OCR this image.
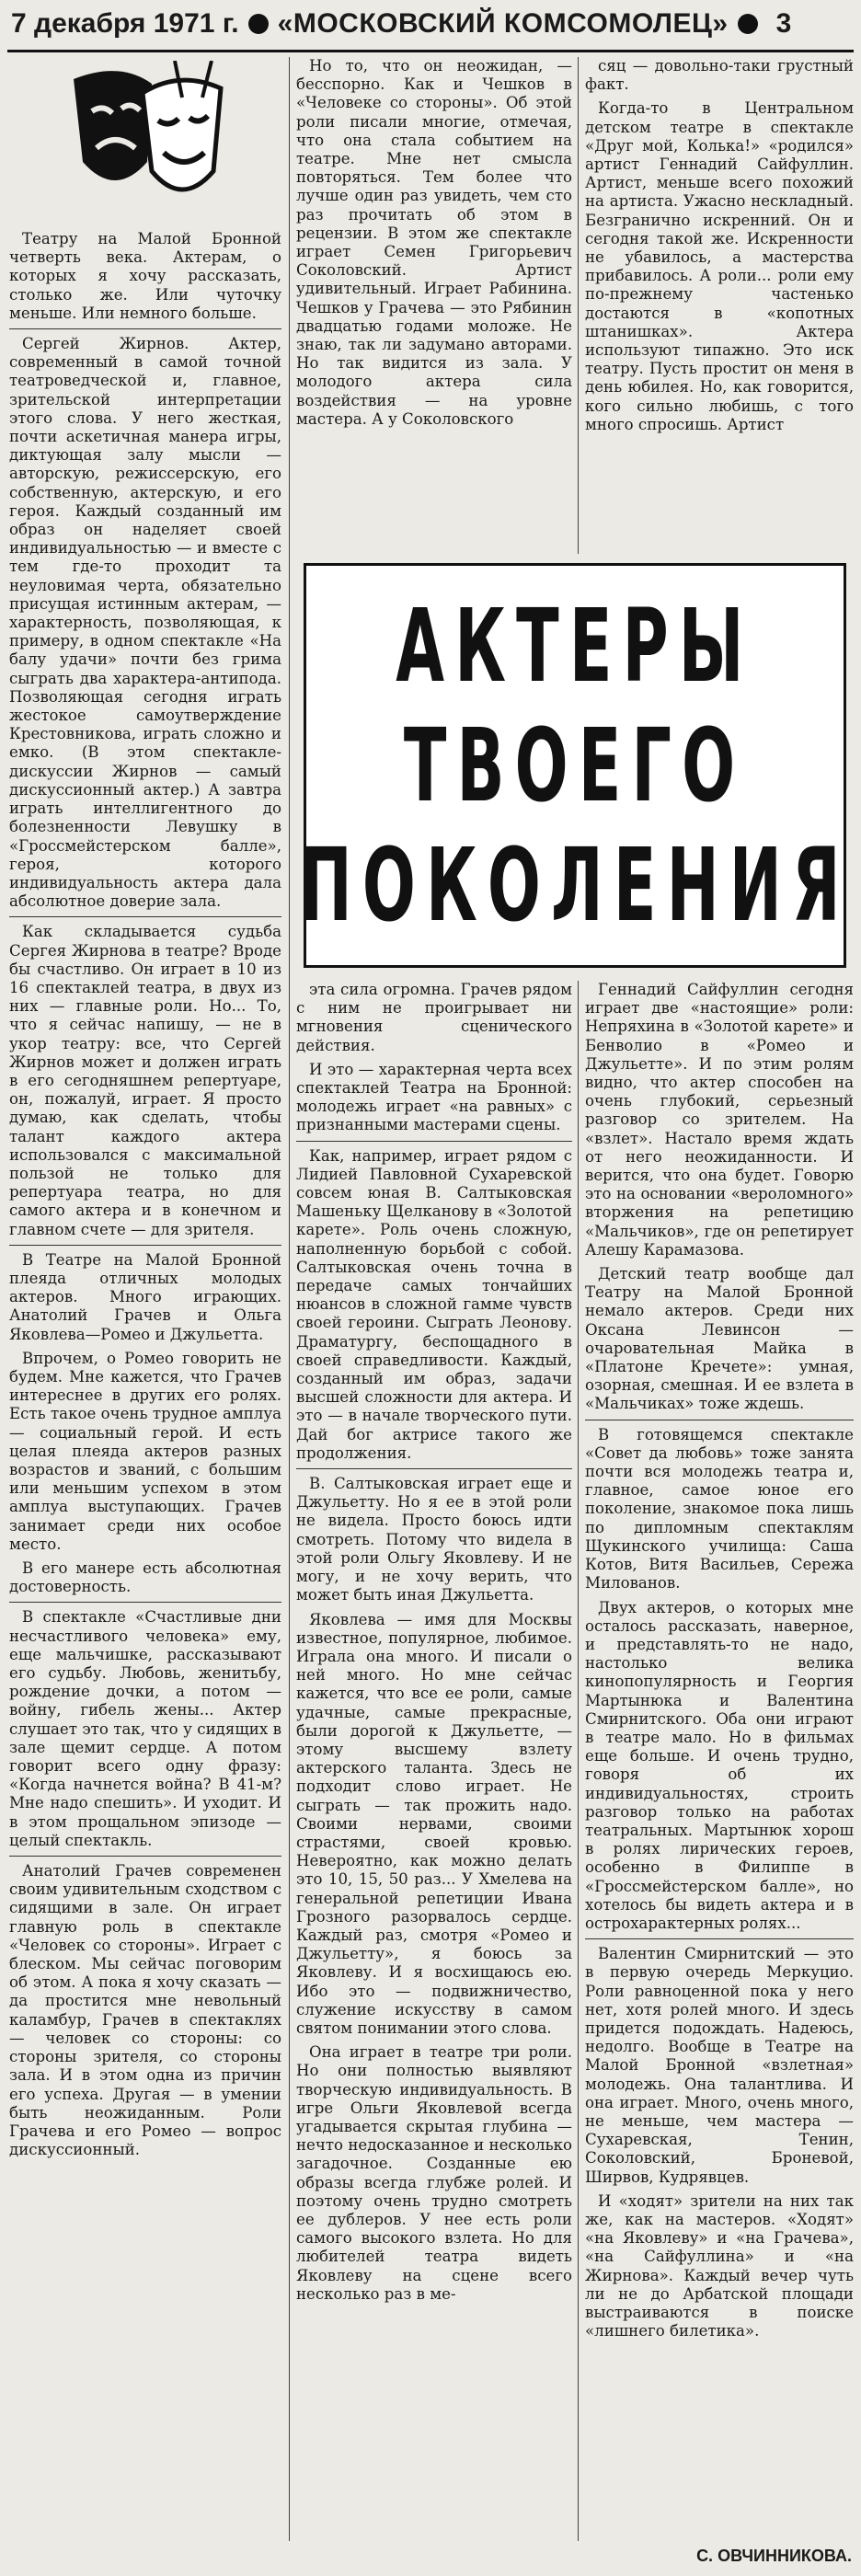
7 декабря 1971 г. «МОСКОВСКИЙ КОМСОМОЛЕЦ» 3

Театру на Малой Бронной четверть века. Актерам, о которых я хочу рассказать, столько же. Или чуточку меньше. Или немного больше.

Сергей Жирнов. Актер, современный в самой точной театроведческой и, главное, зрительской интерпретации этого слова. У него жесткая, почти аскетичная манера игры, диктующая залу мысли — авторскую, режиссерскую, его собственную, актерскую, и его героя. Каждый созданный им образ он наделяет своей индивидуальностью — и вместе с тем где-то проходит та неуловимая черта, обязательно присущая истинным актерам, — характерность, позволяющая, к примеру, в одном спектакле «На балу удачи» почти без грима сыграть два характера-антипода. Позволяющая сегодня играть жестокое самоутверждение Крестовникова, играть сложно и емко. (В этом спектакле-дискуссии Жирнов — самый дискуссионный актер.) А завтра играть интеллигентного до болезненности Левушку в «Гроссмейстерском балле», героя, которого индивидуальность актера дала абсолютное доверие зала.

Как складывается судьба Сергея Жирнова в театре? Вроде бы счастливо. Он играет в 10 из 16 спектаклей театра, в двух из них — главные роли. Но... То, что я сейчас напишу, — не в укор театру: все, что Сергей Жирнов может и должен играть в его сегодняшнем репертуаре, он, пожалуй, играет. Я просто думаю, как сделать, чтобы талант каждого актера использовался с максимальной пользой не только для репертуара театра, но для самого актера и в конечном и главном счете — для зрителя.

В Театре на Малой Бронной плеяда отличных молодых актеров. Много играющих. Анатолий Грачев и Ольга Яковлева—Ромео и Джульетта.

Впрочем, о Ромео говорить не будем. Мне кажется, что Грачев интереснее в других его ролях. Есть такое очень трудное амплуа — социальный герой. И есть целая плеяда актеров разных возрастов и званий, с большим или меньшим успехом в этом амплуа выступающих. Грачев занимает среди них особое место.

В его манере есть абсолютная достоверность.

В спектакле «Счастливые дни несчастливого человека» ему, еще мальчишке, рассказывают его судьбу. Любовь, женитьбу, рождение дочки, а потом — войну, гибель жены... Актер слушает это так, что у сидящих в зале щемит сердце. А потом говорит всего одну фразу: «Когда начнется война? В 41-м? Мне надо спешить». И уходит. И в этом прощальном эпизоде — целый спектакль.

Анатолий Грачев современен своим удивительным сходством с сидящими в зале. Он играет главную роль в спектакле «Человек со стороны». Играет с блеском. Мы сейчас поговорим об этом. А пока я хочу сказать — да простится мне невольный каламбур, Грачев в спектаклях — человек со стороны: со стороны зрителя, со стороны зала. И в этом одна из причин его успеха. Другая — в умении быть неожиданным. Роли Грачева и его Ромео — вопрос дискуссионный.

Но то, что он неожидан, — бесспорно. Как и Чешков в «Человеке со стороны». Об этой роли писали многие, отмечая, что она стала событием на театре. Мне нет смысла повторяться. Тем более что лучше один раз увидеть, чем сто раз прочитать об этом в рецензии. В этом же спектакле играет Семен Григорьевич Соколовский. Артист удивительный. Играет Рабинина. Чешков у Грачева — это Рябинин двадцатью годами моложе. Не знаю, так ли задумано авторами. Но так видится из зала. У молодого актера сила воздействия — на уровне мастера. А у Соколовского

сяц — довольно-таки грустный факт.

Когда-то в Центральном детском театре в спектакле «Друг мой, Колька!» «родился» артист Геннадий Сайфуллин. Артист, меньше всего похожий на артиста. Ужасно нескладный. Безгранично искренний. Он и сегодня такой же. Искренности не убавилось, а мастерства прибавилось. А роли... роли ему по-прежнему частенько достаются в «копотных штанишках». Актера используют типажно. Это иск театру. Пусть простит он меня в день юбилея. Но, как говорится, кого сильно любишь, с того много спросишь. Артист

АКТЕРЫ
ТВОЕГО
ПОКОЛЕНИЯ

эта сила огромна. Грачев рядом с ним не проигрывает ни мгновения сценического действия.

И это — характерная черта всех спектаклей Театра на Бронной: молодежь играет «на равных» с признанными мастерами сцены.

Как, например, играет рядом с Лидией Павловной Сухаревской совсем юная В. Салтыковская Машеньку Щелканову в «Золотой карете». Роль очень сложную, наполненную борьбой с собой. Салтыковская очень точна в передаче самых тончайших нюансов в сложной гамме чувств своей героини. Сыграть Леонову. Драматургу, беспощадного в своей справедливости. Каждый, созданный им образ, задачи высшей сложности для актера. И это — в начале творческого пути. Дай бог актрисе такого же продолжения.

В. Салтыковская играет еще и Джульетту. Но я ее в этой роли не видела. Просто боюсь идти смотреть. Потому что видела в этой роли Ольгу Яковлеву. И не могу, и не хочу верить, что может быть иная Джульетта.

Яковлева — имя для Москвы известное, популярное, любимое. Играла она много. И писали о ней много. Но мне сейчас кажется, что все ее роли, самые удачные, самые прекрасные, были дорогой к Джульетте, — этому высшему взлету актерского таланта. Здесь не подходит слово играет. Не сыграть — так прожить надо. Своими нервами, своими страстями, своей кровью. Невероятно, как можно делать это 10, 15, 50 раз... У Хмелева на генеральной репетиции Ивана Грозного разорвалось сердце. Каждый раз, смотря «Ромео и Джульетту», я боюсь за Яковлеву. И я восхищаюсь ею. Ибо это — подвижничество, служение искусству в самом святом понимании этого слова.

Она играет в театре три роли. Но они полностью выявляют творческую индивидуальность. В игре Ольги Яковлевой всегда угадывается скрытая глубина — нечто недосказанное и несколько загадочное. Созданные ею образы всегда глубже ролей. И поэтому очень трудно смотреть ее дублеров. У нее есть роли самого высокого взлета. Но для любителей театра видеть Яковлеву на сцене всего несколько раз в ме-

Геннадий Сайфуллин сегодня играет две «настоящие» роли: Непряхина в «Золотой карете» и Бенволио в «Ромео и Джульетте». И по этим ролям видно, что актер способен на очень глубокий, серьезный разговор со зрителем. На «взлет». Настало время ждать от него неожиданности. И верится, что она будет. Говорю это на основании «вероломного» вторжения на репетицию «Мальчиков», где он репетирует Алешу Карамазова.

Детский театр вообще дал Театру на Малой Бронной немало актеров. Среди них Оксана Левинсон — очаровательная Майка в «Платоне Кречете»: умная, озорная, смешная. И ее взлета в «Мальчиках» тоже ждешь.

В готовящемся спектакле «Совет да любовь» тоже занята почти вся молодежь театра и, главное, самое юное его поколение, знакомое пока лишь по дипломным спектаклям Щукинского училища: Саша Котов, Витя Васильев, Сережа Милованов.

Двух актеров, о которых мне осталось рассказать, наверное, и представлять-то не надо, настолько велика кинопопулярность и Георгия Мартынюка и Валентина Смирнитского. Оба они играют в театре мало. Но в фильмах еще больше. И очень трудно, говоря об их индивидуальностях, строить разговор только на работах театральных. Мартынюк хорош в ролях лирических героев, особенно в Филиппе в «Гроссмейстерском балле», но хотелось бы видеть актера и в острохарактерных ролях...

Валентин Смирнитский — это в первую очередь Меркуцио. Роли равноценной пока у него нет, хотя ролей много. И здесь придется подождать. Надеюсь, недолго. Вообще в Театре на Малой Бронной «взлетная» молодежь. Она талантлива. И она играет. Много, очень много, не меньше, чем мастера — Сухаревская, Тенин, Соколовский, Броневой, Ширвов, Кудрявцев.

И «ходят» зрители на них так же, как на мастеров. «Ходят» «на Яковлеву» и «на Грачева», «на Сайфуллина» и «на Жирнова». Каждый вечер чуть ли не до Арбатской площади выстраиваются в поиске «лишнего билетика».

С. ОВЧИННИКОВА.
